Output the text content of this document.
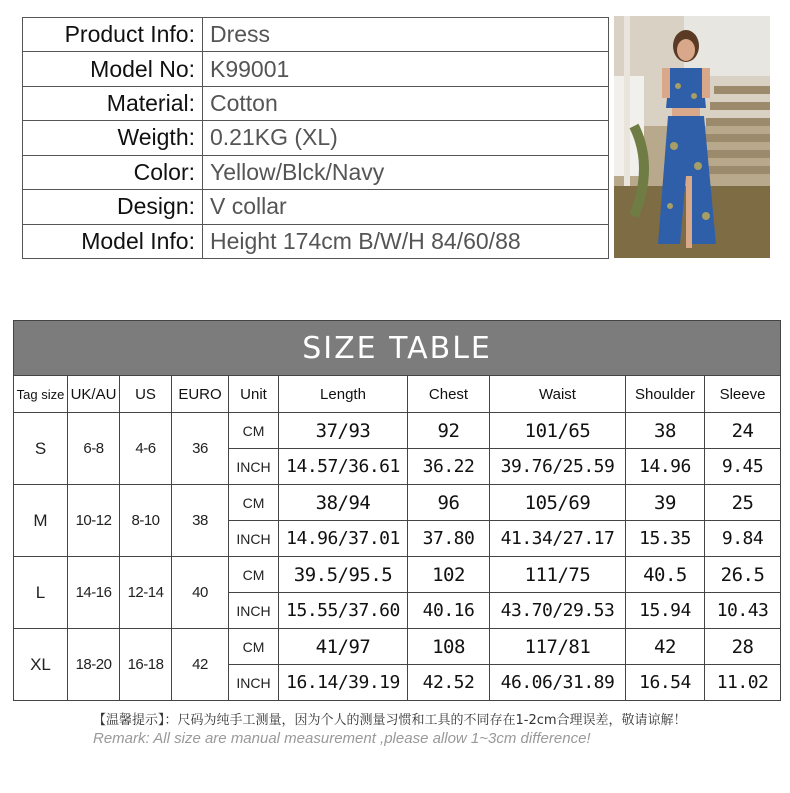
Product Info:	Dress
Model No:	K99001
Material:	Cotton
Weigth:	0.21KG (XL)
Color:	Yellow/Blck/Navy
Design:	V collar
Model Info:	Height 174cm B/W/H 84/60/88
SIZE TABLE									
Tag size	UK/AU	US	EURO	Unit	Length	Chest	Waist	Shoulder	Sleeve
S	6-8	4-6	36	CM	37/93	92	101/65	38	24
				INCH	14.57/36.61	36.22	39.76/25.59	14.96	9.45
M	10-12	8-10	38	CM	38/94	96	105/69	39	25
				INCH	14.96/37.01	37.80	41.34/27.17	15.35	9.84
L	14-16	12-14	40	CM	39.5/95.5	102	111/75	40.5	26.5
				INCH	15.55/37.60	40.16	43.70/29.53	15.94	10.43
XL	18-20	16-18	42	CM	41/97	108	117/81	42	28
				INCH	16.14/39.19	42.52	46.06/31.89	16.54	11.02
【温馨提示】：尺码为纯手工测量，因为个人的测量习惯和工具的不同存在1-2cm合理误差，敬请谅解！
Remark: All size are manual measurement ,please allow 1~3cm difference!
